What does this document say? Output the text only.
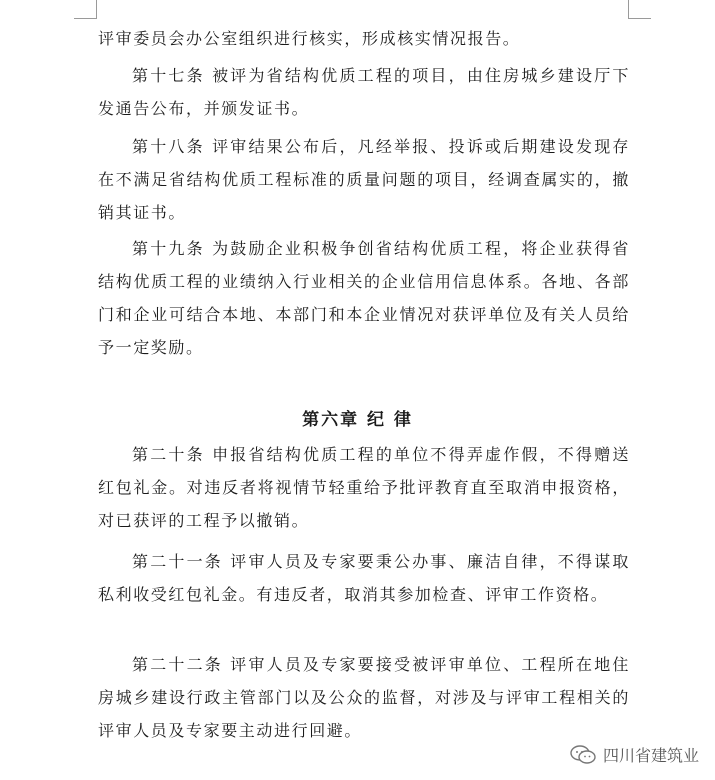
评审委员会办公室组织进行核实，形成核实情况报告。

第十七条 被评为省结构优质工程的项目，由住房城乡建设厅下发通告公布，并颁发证书。

第十八条 评审结果公布后，凡经举报、投诉或后期建设发现存在不满足省结构优质工程标准的质量问题的项目，经调查属实的，撤销其证书。

第十九条 为鼓励企业积极争创省结构优质工程，将企业获得省结构优质工程的业绩纳入行业相关的企业信用信息体系。各地、各部门和企业可结合本地、本部门和本企业情况对获评单位及有关人员给予一定奖励。

第六章 纪 律

第二十条 申报省结构优质工程的单位不得弄虚作假，不得赠送红包礼金。对违反者将视情节轻重给予批评教育直至取消申报资格，对已获评的工程予以撤销。

第二十一条 评审人员及专家要秉公办事、廉洁自律，不得谋取私利收受红包礼金。有违反者，取消其参加检查、评审工作资格。

第二十二条 评审人员及专家要接受被评审单位、工程所在地住房城乡建设行政主管部门以及公众的监督，对涉及与评审工程相关的评审人员及专家要主动进行回避。

四川省建筑业
